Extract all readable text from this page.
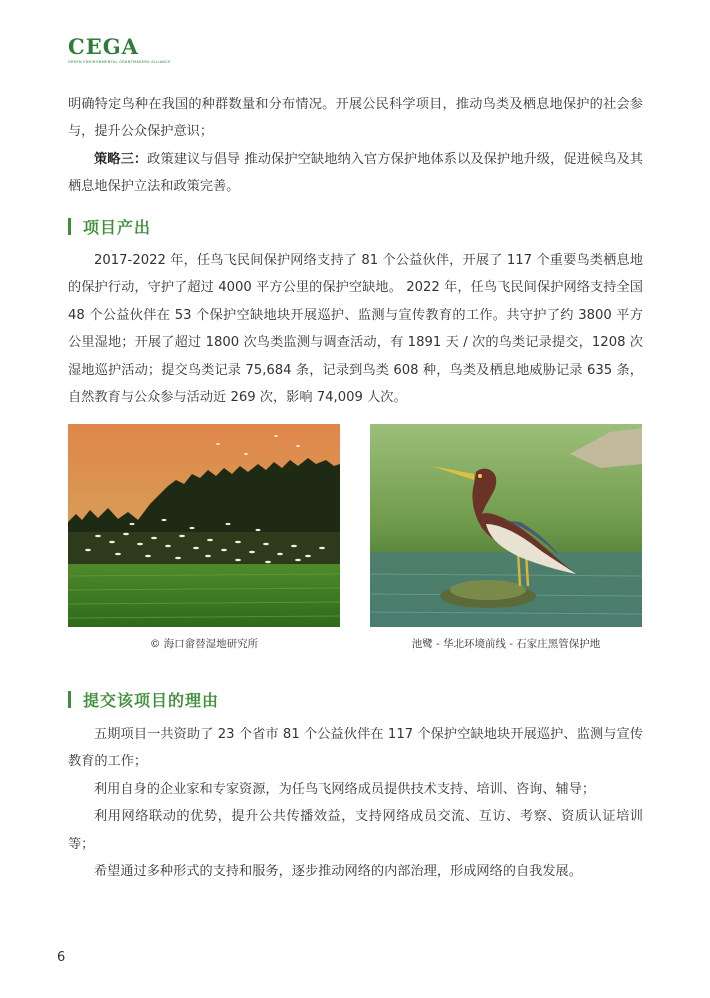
CEGA
GREEN ENVIRONMENTAL GRANTMAKERS ALLIANCE

明确特定鸟种在我国的种群数量和分布情况。开展公民科学项目，推动鸟类及栖息地保护的社会参与，提升公众保护意识；

策略三：政策建议与倡导 推动保护空缺地纳入官方保护地体系以及保护地升级，促进候鸟及其栖息地保护立法和政策完善。

项目产出

2017-2022 年，任鸟飞民间保护网络支持了 81 个公益伙伴，开展了 117 个重要鸟类栖息地的保护行动，守护了超过 4000 平方公里的保护空缺地。 2022 年，任鸟飞民间保护网络支持全国 48 个公益伙伴在 53 个保护空缺地块开展巡护、监测与宣传教育的工作。共守护了约 3800 平方公里湿地；开展了超过 1800 次鸟类监测与调查活动，有 1891 天 / 次的鸟类记录提交，1208 次湿地巡护活动；提交鸟类记录 75,684 条，记录到鸟类 608 种，鸟类及栖息地威胁记录 635 条，自然教育与公众参与活动近 269 次，影响 74,009 人次。

© 海口畲替湿地研究所	池鹭 - 华北环境前线 - 石家庄黑管保护地
提交该项目的理由

五期项目一共资助了 23 个省市 81 个公益伙伴在 117 个保护空缺地块开展巡护、监测与宣传教育的工作；

利用自身的企业家和专家资源，为任鸟飞网络成员提供技术支持、培训、咨询、辅导；

利用网络联动的优势，提升公共传播效益，支持网络成员交流、互访、考察、资质认证培训等；

希望通过多种形式的支持和服务，逐步推动网络的内部治理，形成网络的自我发展。

6
